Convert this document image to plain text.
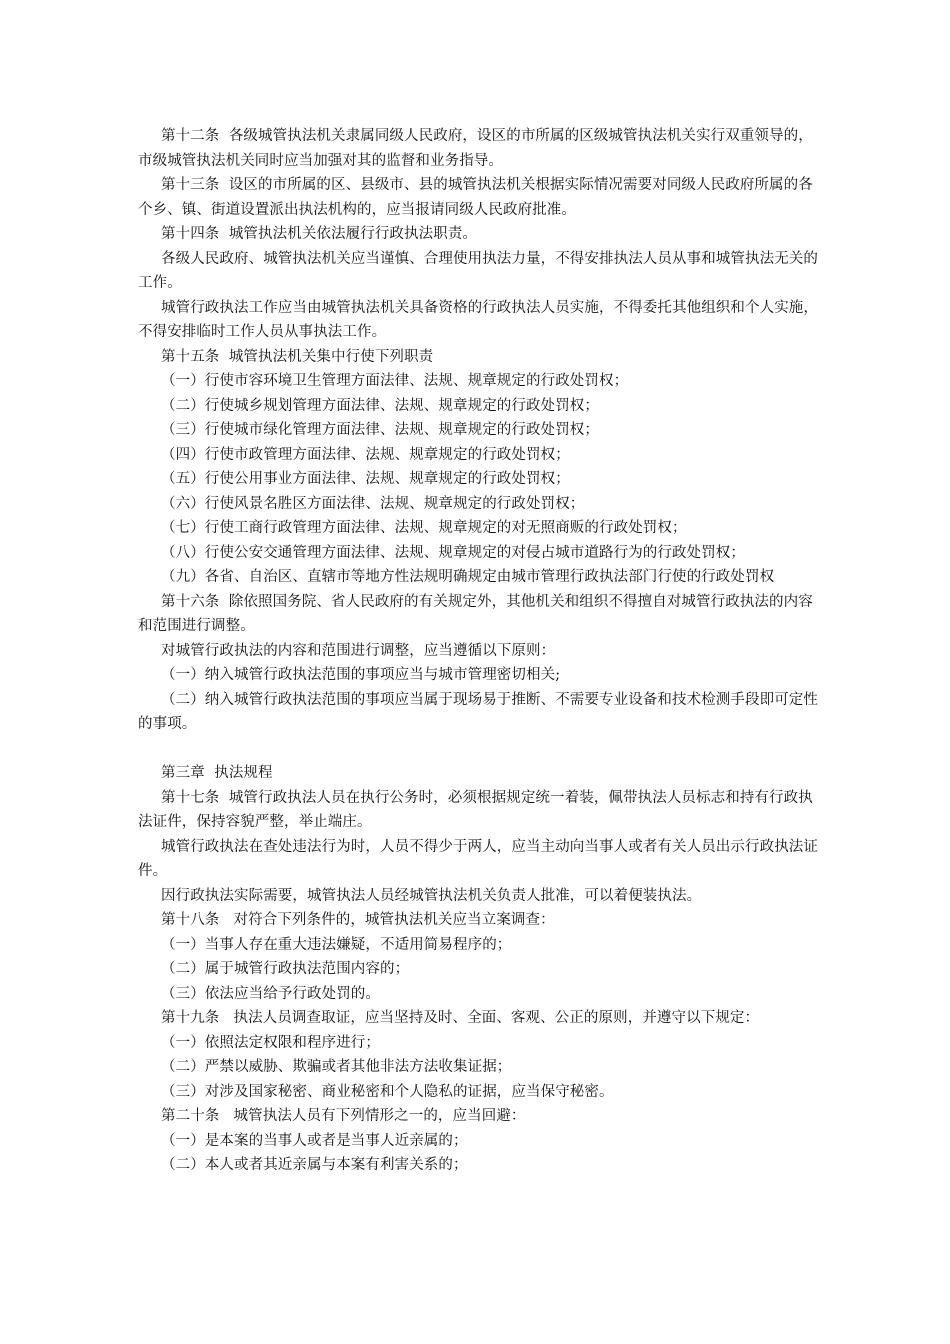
第十二条  各级城管执法机关隶属同级人民政府，设区的市所属的区级城管执法机关实行双重领导的，市级城管执法机关同时应当加强对其的监督和业务指导。

第十三条  设区的市所属的区、县级市、县的城管执法机关根据实际情况需要对同级人民政府所属的各个乡、镇、街道设置派出执法机构的，应当报请同级人民政府批准。

第十四条  城管执法机关依法履行行政执法职责。

各级人民政府、城管执法机关应当谨慎、合理使用执法力量，不得安排执法人员从事和城管执法无关的工作。

城管行政执法工作应当由城管执法机关具备资格的行政执法人员实施，不得委托其他组织和个人实施，不得安排临时工作人员从事执法工作。

第十五条  城管执法机关集中行使下列职责

（一）行使市容环境卫生管理方面法律、法规、规章规定的行政处罚权；

（二）行使城乡规划管理方面法律、法规、规章规定的行政处罚权；

（三）行使城市绿化管理方面法律、法规、规章规定的行政处罚权；

（四）行使市政管理方面法律、法规、规章规定的行政处罚权；

（五）行使公用事业方面法律、法规、规章规定的行政处罚权；

（六）行使风景名胜区方面法律、法规、规章规定的行政处罚权；

（七）行使工商行政管理方面法律、法规、规章规定的对无照商贩的行政处罚权；

（八）行使公安交通管理方面法律、法规、规章规定的对侵占城市道路行为的行政处罚权；

（九）各省、自治区、直辖市等地方性法规明确规定由城市管理行政执法部门行使的行政处罚权

第十六条  除依照国务院、省人民政府的有关规定外，其他机关和组织不得擅自对城管行政执法的内容和范围进行调整。

对城管行政执法的内容和范围进行调整，应当遵循以下原则：

（一）纳入城管行政执法范围的事项应当与城市管理密切相关;

（二）纳入城管行政执法范围的事项应当属于现场易于推断、不需要专业设备和技术检测手段即可定性的事项。

第三章  执法规程

第十七条  城管行政执法人员在执行公务时，必须根据规定统一着装，佩带执法人员标志和持有行政执法证件，保持容貌严整，举止端庄。

城管行政执法在查处违法行为时，人员不得少于两人，应当主动向当事人或者有关人员出示行政执法证件。

因行政执法实际需要，城管执法人员经城管执法机关负责人批准，可以着便装执法。

第十八条   对符合下列条件的，城管执法机关应当立案调查：

（一）当事人存在重大违法嫌疑，不适用简易程序的；

（二）属于城管行政执法范围内容的；

（三）依法应当给予行政处罚的。

第十九条   执法人员调查取证，应当坚持及时、全面、客观、公正的原则，并遵守以下规定：

（一）依照法定权限和程序进行；

（二）严禁以威胁、欺骗或者其他非法方法收集证据；

（三）对涉及国家秘密、商业秘密和个人隐私的证据，应当保守秘密。

第二十条   城管执法人员有下列情形之一的，应当回避：

（一）是本案的当事人或者是当事人近亲属的；

（二）本人或者其近亲属与本案有利害关系的；
